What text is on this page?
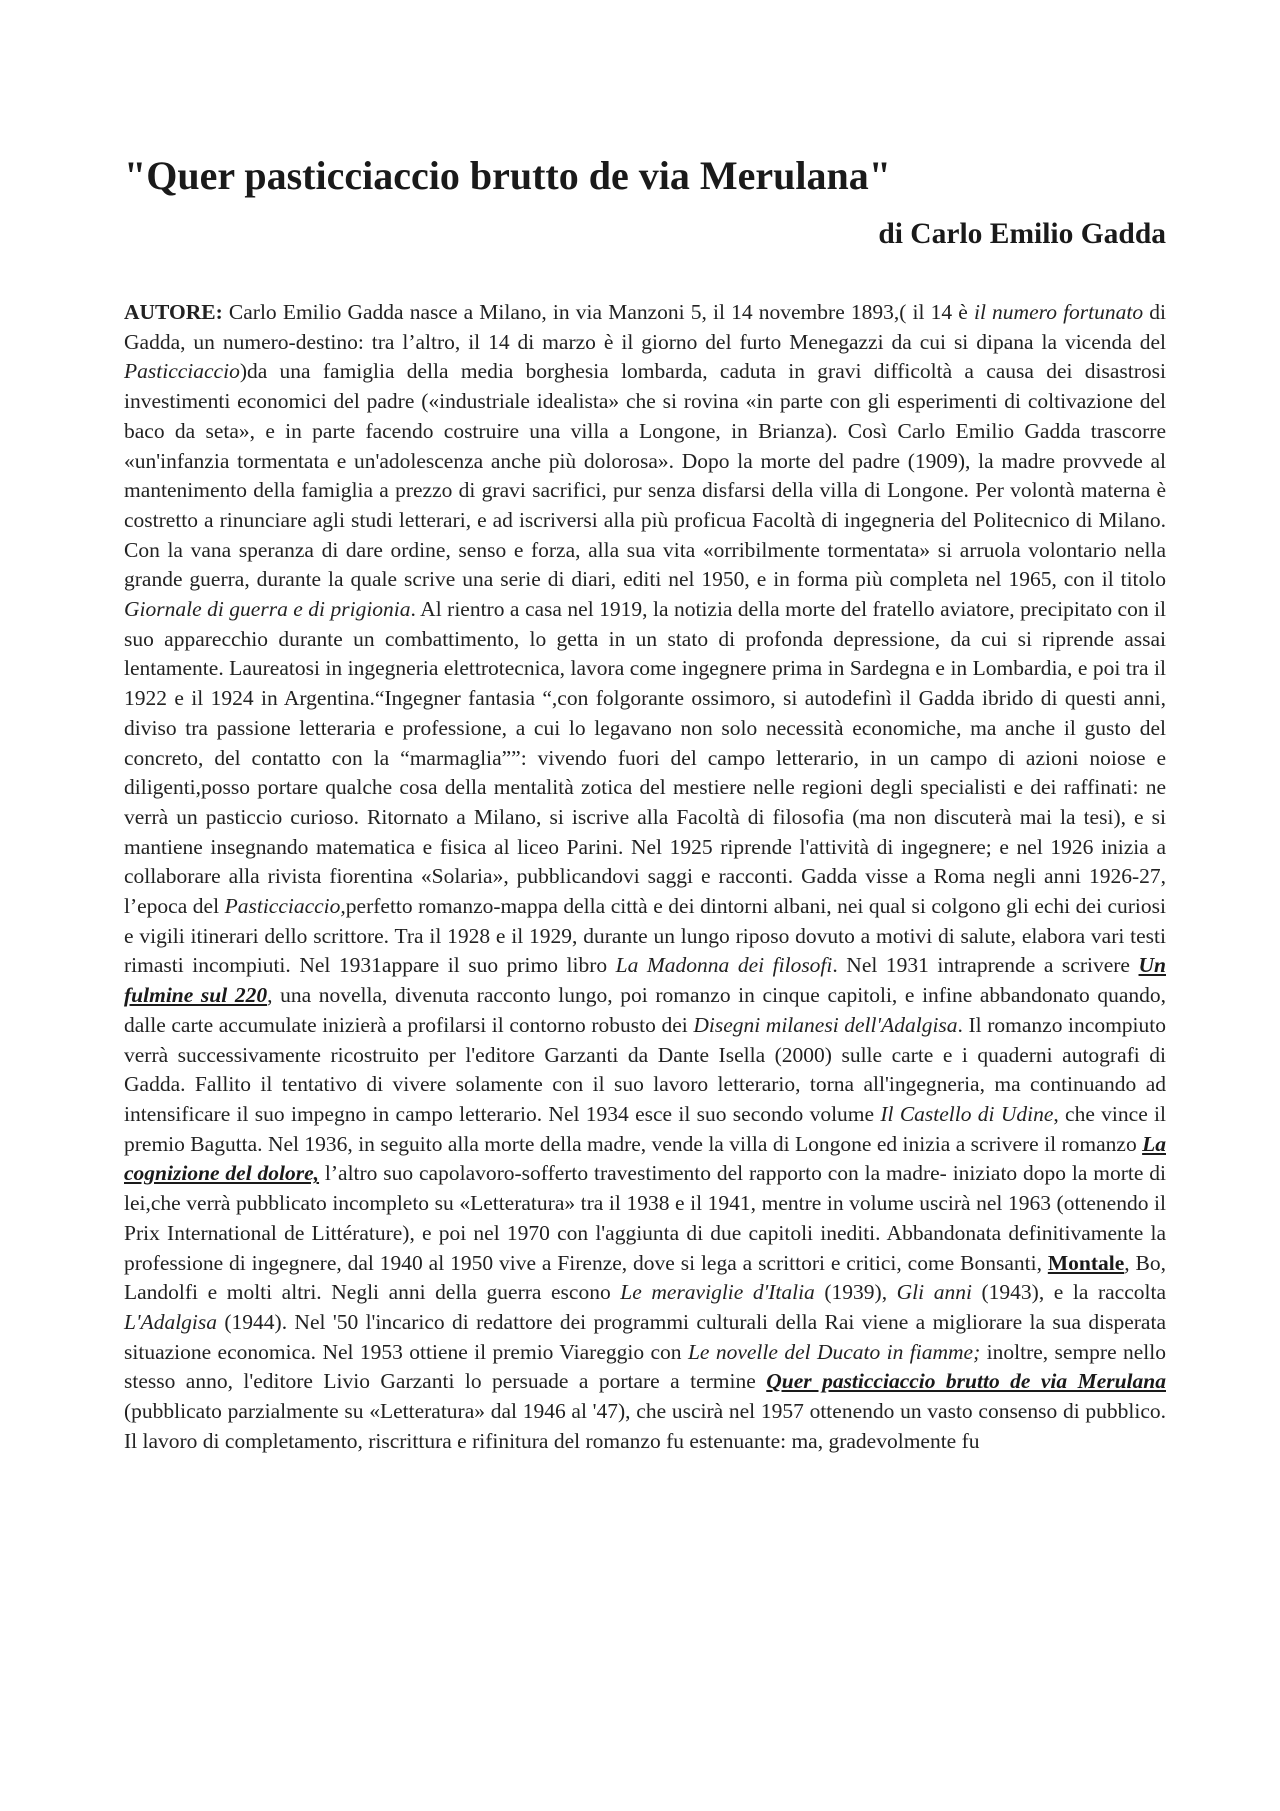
"Quer pasticciaccio brutto de via Merulana"

di Carlo Emilio Gadda

AUTORE: Carlo Emilio Gadda nasce a Milano, in via Manzoni 5, il 14 novembre 1893,( il 14 è il numero fortunato di Gadda, un numero-destino: tra l’altro, il 14 di marzo è il giorno del furto Menegazzi da cui si dipana la vicenda del Pasticciaccio)da una famiglia della media borghesia lombarda, caduta in gravi difficoltà a causa dei disastrosi investimenti economici del padre («industriale idealista» che si rovina «in parte con gli esperimenti di coltivazione del baco da seta», e in parte facendo costruire una villa a Longone, in Brianza). Così Carlo Emilio Gadda trascorre «un'infanzia tormentata e un'adolescenza anche più dolorosa». Dopo la morte del padre (1909), la madre provvede al mantenimento della famiglia a prezzo di gravi sacrifici, pur senza disfarsi della villa di Longone. Per volontà materna è costretto a rinunciare agli studi letterari, e ad iscriversi alla più proficua Facoltà di ingegneria del Politecnico di Milano. Con la vana speranza di dare ordine, senso e forza, alla sua vita «orribilmente tormentata» si arruola volontario nella grande guerra, durante la quale scrive una serie di diari, editi nel 1950, e in forma più completa nel 1965, con il titolo Giornale di guerra e di prigionia. Al rientro a casa nel 1919, la notizia della morte del fratello aviatore, precipitato con il suo apparecchio durante un combattimento, lo getta in un stato di profonda depressione, da cui si riprende assai lentamente. Laureatosi in ingegneria elettrotecnica, lavora come ingegnere prima in Sardegna e in Lombardia, e poi tra il 1922 e il 1924 in Argentina.“Ingegner fantasia “,con folgorante ossimoro, si autodefinì il Gadda ibrido di questi anni, diviso tra passione letteraria e professione, a cui lo legavano non solo necessità economiche, ma anche il gusto del concreto, del contatto con la “marmaglia””: vivendo fuori del campo letterario, in un campo di azioni noiose e diligenti,posso portare qualche cosa della mentalità zotica del mestiere nelle regioni degli specialisti e dei raffinati: ne verrà un pasticcio curioso. Ritornato a Milano, si iscrive alla Facoltà di filosofia (ma non discuterà mai la tesi), e si mantiene insegnando matematica e fisica al liceo Parini. Nel 1925 riprende l'attività di ingegnere; e nel 1926 inizia a collaborare alla rivista fiorentina «Solaria», pubblicandovi saggi e racconti. Gadda visse a Roma negli anni 1926-27, l’epoca del Pasticciaccio,perfetto romanzo-mappa della città e dei dintorni albani, nei qual si colgono gli echi dei curiosi e vigili itinerari dello scrittore. Tra il 1928 e il 1929, durante un lungo riposo dovuto a motivi di salute, elabora vari testi rimasti incompiuti. Nel 1931appare il suo primo libro La Madonna dei filosofi. Nel 1931 intraprende a scrivere Un fulmine sul 220, una novella, divenuta racconto lungo, poi romanzo in cinque capitoli, e infine abbandonato quando, dalle carte accumulate inizierà a profilarsi il contorno robusto dei Disegni milanesi dell'Adalgisa. Il romanzo incompiuto verrà successivamente ricostruito per l'editore Garzanti da Dante Isella (2000) sulle carte e i quaderni autografi di Gadda. Fallito il tentativo di vivere solamente con il suo lavoro letterario, torna all'ingegneria, ma continuando ad intensificare il suo impegno in campo letterario. Nel 1934 esce il suo secondo volume Il Castello di Udine, che vince il premio Bagutta. Nel 1936, in seguito alla morte della madre, vende la villa di Longone ed inizia a scrivere il romanzo La cognizione del dolore, l’altro suo capolavoro-sofferto travestimento del rapporto con la madre- iniziato dopo la morte di lei,che verrà pubblicato incompleto su «Letteratura» tra il 1938 e il 1941, mentre in volume uscirà nel 1963 (ottenendo il Prix International de Littérature), e poi nel 1970 con l'aggiunta di due capitoli inediti. Abbandonata definitivamente la professione di ingegnere, dal 1940 al 1950 vive a Firenze, dove si lega a scrittori e critici, come Bonsanti, Montale, Bo, Landolfi e molti altri. Negli anni della guerra escono Le meraviglie d'Italia (1939), Gli anni (1943), e la raccolta L'Adalgisa (1944). Nel '50 l'incarico di redattore dei programmi culturali della Rai viene a migliorare la sua disperata situazione economica. Nel 1953 ottiene il premio Viareggio con Le novelle del Ducato in fiamme; inoltre, sempre nello stesso anno, l'editore Livio Garzanti lo persuade a portare a termine Quer pasticciaccio brutto de via Merulana (pubblicato parzialmente su «Letteratura» dal 1946 al '47), che uscirà nel 1957 ottenendo un vasto consenso di pubblico. Il lavoro di completamento, riscrittura e rifinitura del romanzo fu estenuante: ma, gradevolmente fu
